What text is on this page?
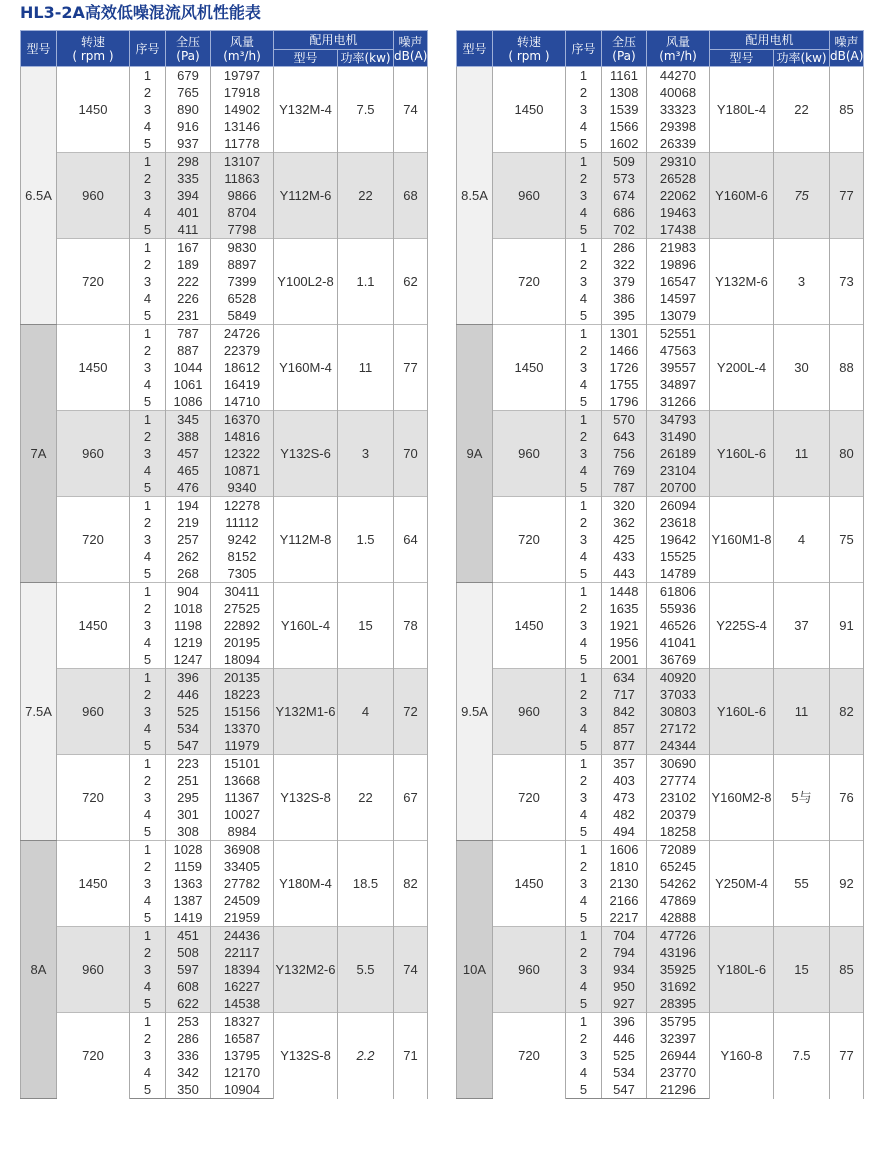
HL3-2A高效低噪混流风机性能表
型号	转速
( rpm )	序号	全压
(Pa)	风量
(m³/h)	配用电机		噪声
dB(A)
					型号	功率(kw)	
6.5A	1450	1	679	19797	Y132M-4	7.5	74
		2	765	17918			
		3	890	14902			
		4	916	13146			
		5	937	11778			
	960	1	298	13107	Y112M-6	22	68
		2	335	11863			
		3	394	9866			
		4	401	8704			
		5	411	7798			
	720	1	167	9830	Y100L2-8	1.1	62
		2	189	8897			
		3	222	7399			
		4	226	6528			
		5	231	5849			
7A	1450	1	787	24726	Y160M-4	11	77
		2	887	22379			
		3	1044	18612			
		4	1061	16419			
		5	1086	14710			
	960	1	345	16370	Y132S-6	3	70
		2	388	14816			
		3	457	12322			
		4	465	10871			
		5	476	9340			
	720	1	194	12278	Y112M-8	1.5	64
		2	219	11112			
		3	257	9242			
		4	262	8152			
		5	268	7305			
7.5A	1450	1	904	30411	Y160L-4	15	78
		2	1018	27525			
		3	1198	22892			
		4	1219	20195			
		5	1247	18094			
	960	1	396	20135	Y132M1-6	4	72
		2	446	18223			
		3	525	15156			
		4	534	13370			
		5	547	11979			
	720	1	223	15101	Y132S-8	22	67
		2	251	13668			
		3	295	11367			
		4	301	10027			
		5	308	8984			
8A	1450	1	1028	36908	Y180M-4	18.5	82
		2	1159	33405			
		3	1363	27782			
		4	1387	24509			
		5	1419	21959			
	960	1	451	24436	Y132M2-6	5.5	74
		2	508	22117			
		3	597	18394			
		4	608	16227			
		5	622	14538			
	720	1	253	18327	Y132S-8	2.2	71
		2	286	16587			
		3	336	13795			
		4	342	12170			
		5	350	10904			
型号	转速
( rpm )	序号	全压
(Pa)	风量
(m³/h)	配用电机		噪声
dB(A)
					型号	功率(kw)	
8.5A	1450	1	1161	44270	Y180L-4	22	85
		2	1308	40068			
		3	1539	33323			
		4	1566	29398			
		5	1602	26339			
	960	1	509	29310	Y160M-6	75	77
		2	573	26528			
		3	674	22062			
		4	686	19463			
		5	702	17438			
	720	1	286	21983	Y132M-6	3	73
		2	322	19896			
		3	379	16547			
		4	386	14597			
		5	395	13079			
9A	1450	1	1301	52551	Y200L-4	30	88
		2	1466	47563			
		3	1726	39557			
		4	1755	34897			
		5	1796	31266			
	960	1	570	34793	Y160L-6	11	80
		2	643	31490			
		3	756	26189			
		4	769	23104			
		5	787	20700			
	720	1	320	26094	Y160M1-8	4	75
		2	362	23618			
		3	425	19642			
		4	433	15525			
		5	443	14789			
9.5A	1450	1	1448	61806	Y225S-4	37	91
		2	1635	55936			
		3	1921	46526			
		4	1956	41041			
		5	2001	36769			
	960	1	634	40920	Y160L-6	11	82
		2	717	37033			
		3	842	30803			
		4	857	27172			
		5	877	24344			
	720	1	357	30690	Y160M2-8	5与	76
		2	403	27774			
		3	473	23102			
		4	482	20379			
		5	494	18258			
10A	1450	1	1606	72089	Y250M-4	55	92
		2	1810	65245			
		3	2130	54262			
		4	2166	47869			
		5	2217	42888			
	960	1	704	47726	Y180L-6	15	85
		2	794	43196			
		3	934	35925			
		4	950	31692			
		5	927	28395			
	720	1	396	35795	Y160-8	7.5	77
		2	446	32397			
		3	525	26944			
		4	534	23770			
		5	547	21296			
